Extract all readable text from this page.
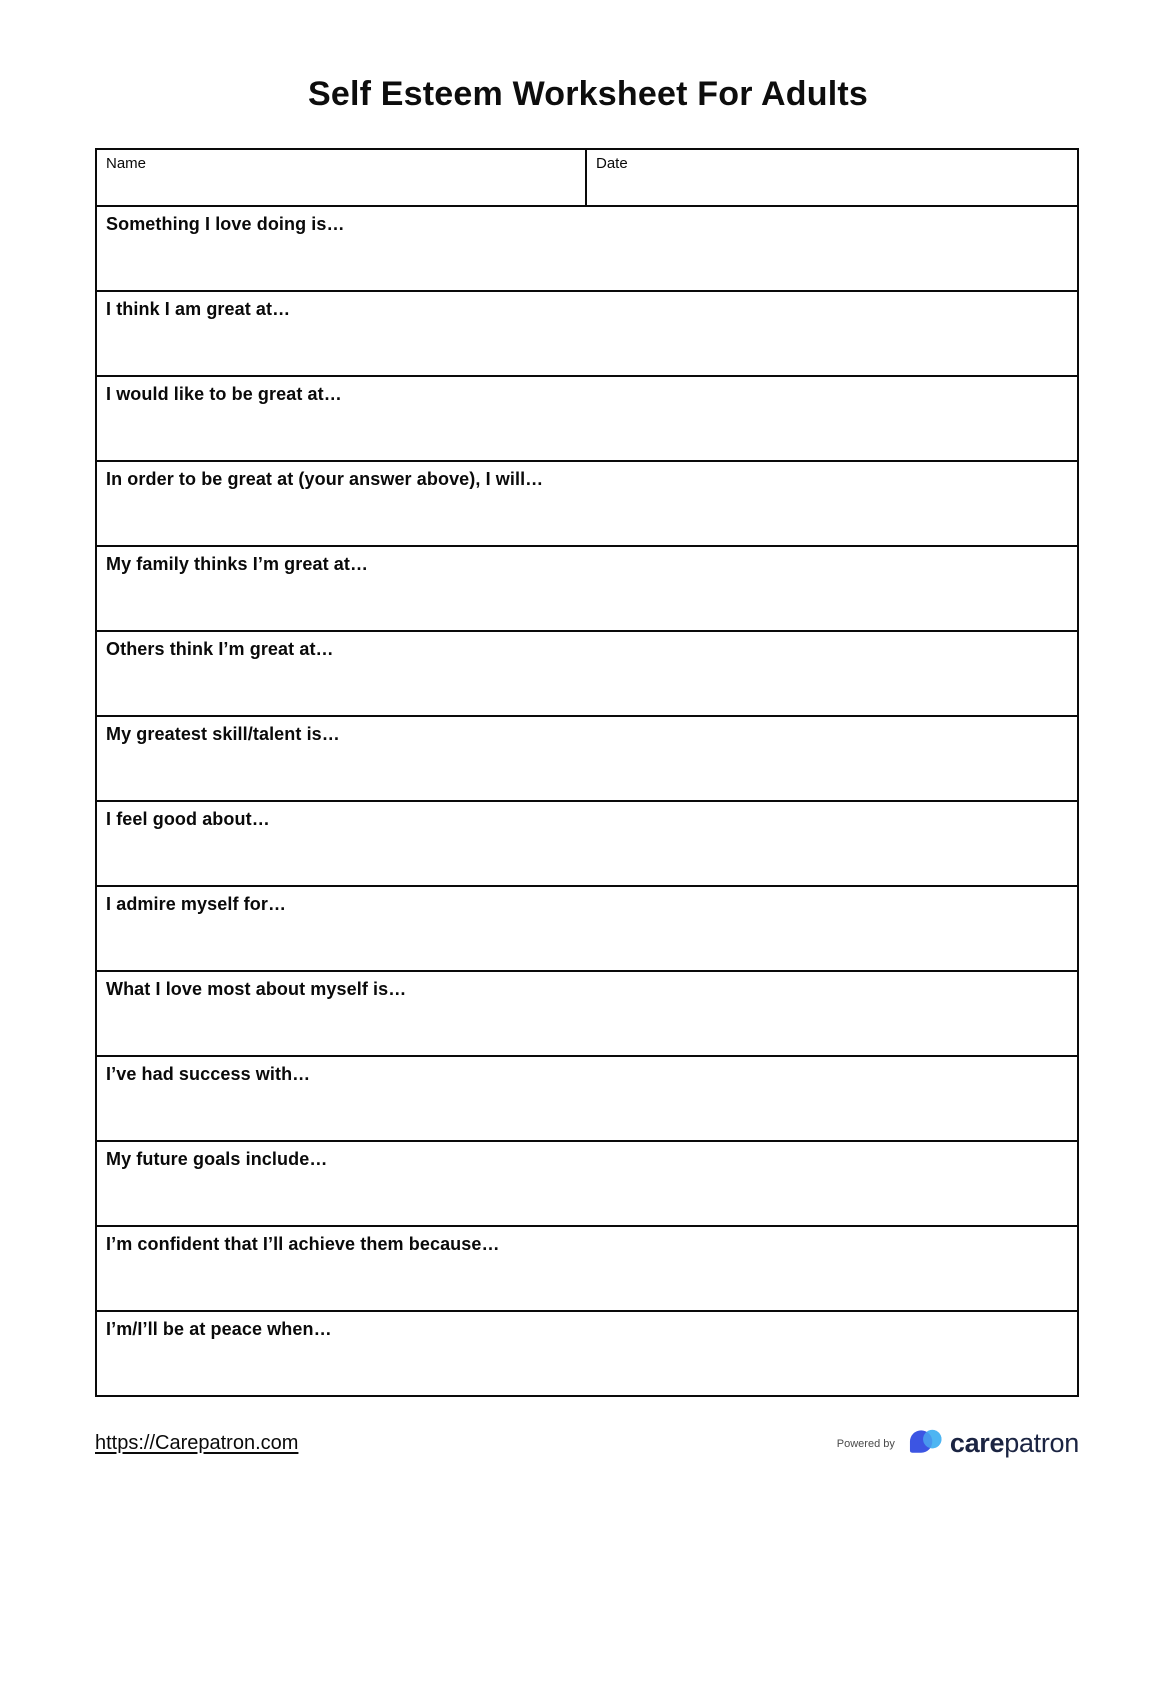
Self Esteem Worksheet For Adults
Name	Date
Something I love doing is…
I think I am great at…
I would like to be great at…
In order to be great at (your answer above), I will…
My family thinks I’m great at…
Others think I’m great at…
My greatest skill/talent is…
I feel good about…
I admire myself for…
What I love most about myself is…
I’ve had success with…
My future goals include…
I’m confident that I’ll achieve them because…
I’m/I’ll be at peace when…
https://Carepatron.com	Powered by carepatron
